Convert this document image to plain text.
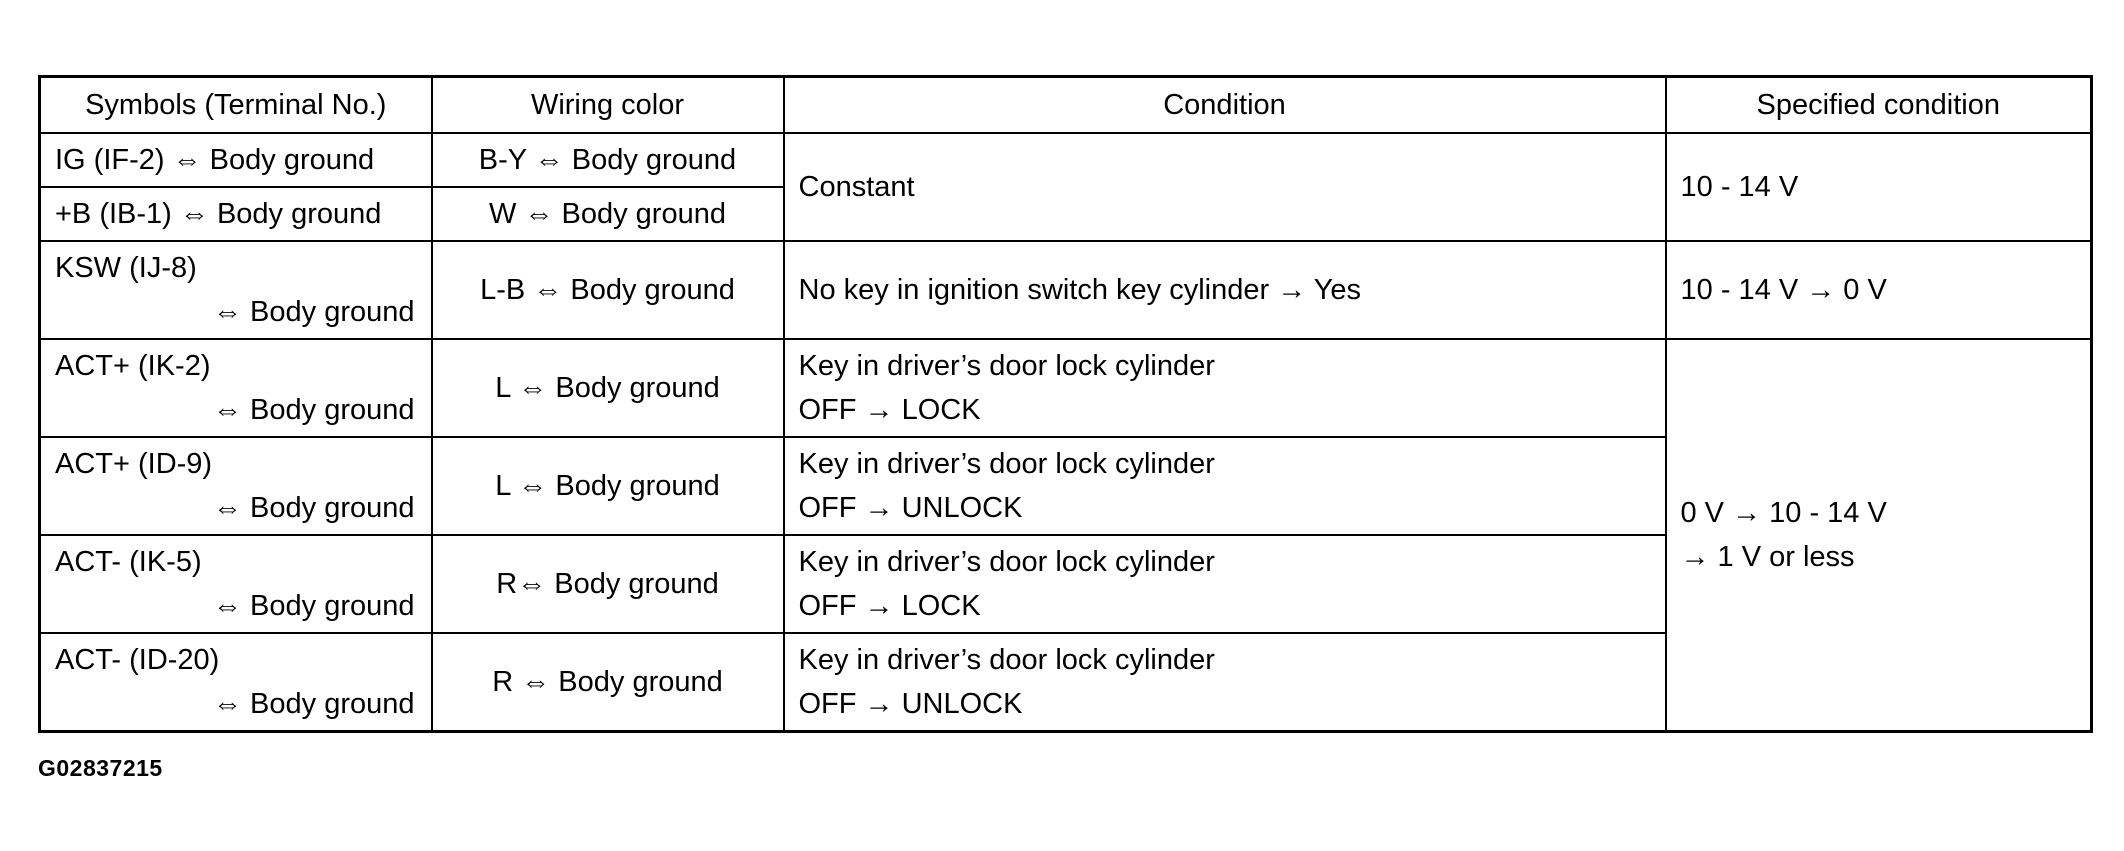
Symbols (Terminal No.)	Wiring color	Condition	Specified condition
IG (IF-2) ⇔ Body ground	B-Y ⇔ Body ground	Constant	10 - 14 V
+B (IB-1) ⇔ Body ground	W ⇔ Body ground		

KSW (IJ-8)
⇔ Body ground	L-B ⇔ Body ground	No key in ignition switch key cylinder → Yes	10 - 14 V → 0 V

ACT+ (IK-2)
⇔ Body ground	L ⇔ Body ground	Key in driver’s door lock cylinder
OFF → LOCK	0 V → 10 - 14 V
→ 1 V or less

ACT+ (ID-9)
⇔ Body ground	L ⇔ Body ground	Key in driver’s door lock cylinder
OFF → UNLOCK	

ACT- (IK-5)
⇔ Body ground	R⇔ Body ground	Key in driver’s door lock cylinder
OFF → LOCK	

ACT- (ID-20)
⇔ Body ground	R ⇔ Body ground	Key in driver’s door lock cylinder
OFF → UNLOCK	
G02837215
